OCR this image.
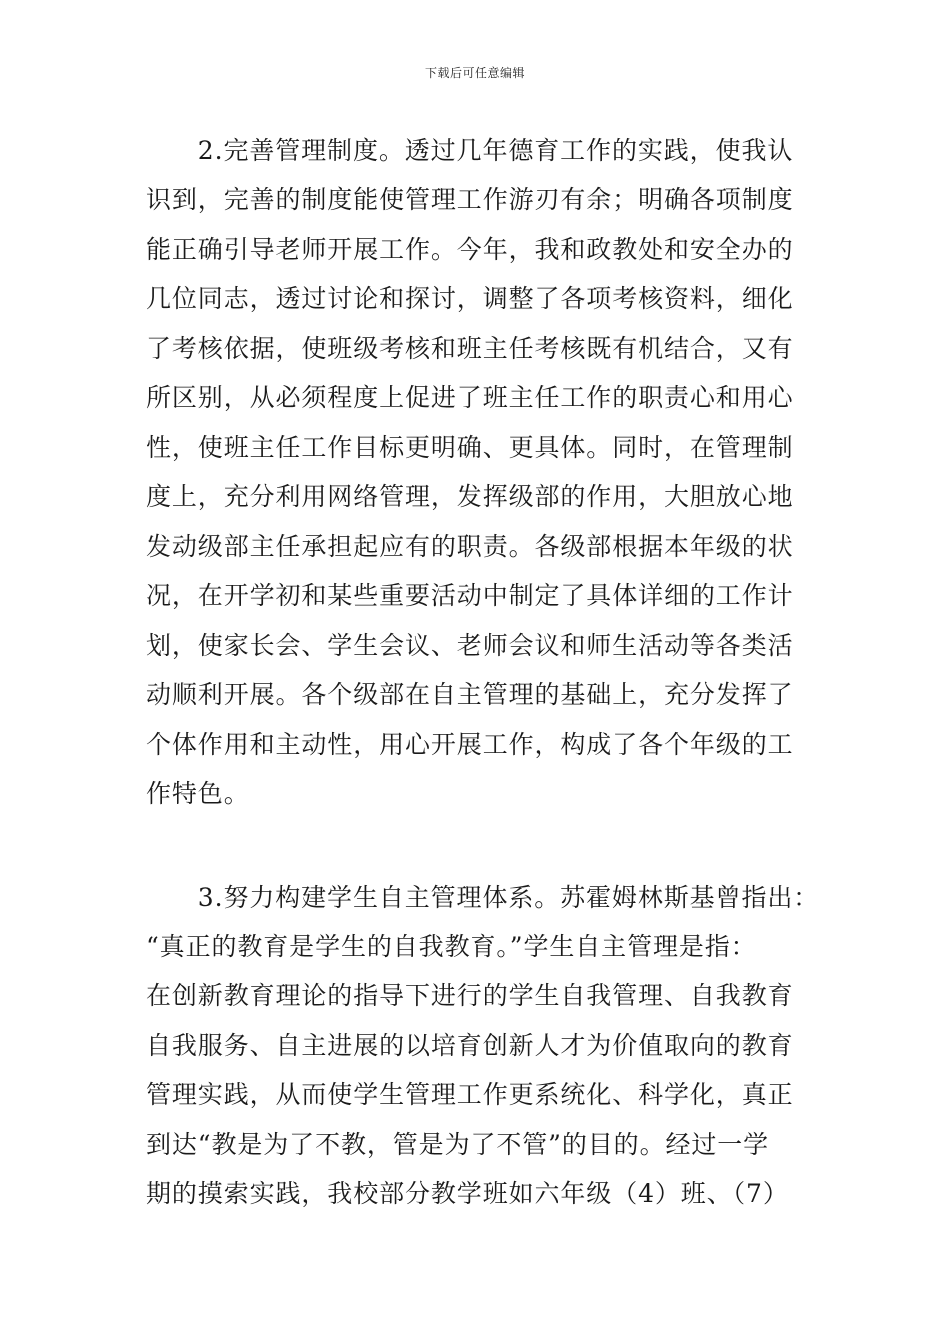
下载后可任意编辑
　　2.完善管理制度。透过几年德育工作的实践，使我认
识到，完善的制度能使管理工作游刃有余；明确各项制度
能正确引导老师开展工作。今年，我和政教处和安全办的
几位同志，透过讨论和探讨，调整了各项考核资料，细化
了考核依据，使班级考核和班主任考核既有机结合，又有
所区别，从必须程度上促进了班主任工作的职责心和用心
性，使班主任工作目标更明确、更具体。同时，在管理制
度上，充分利用网络管理，发挥级部的作用，大胆放心地
发动级部主任承担起应有的职责。各级部根据本年级的状
况，在开学初和某些重要活动中制定了具体详细的工作计
划，使家长会、学生会议、老师会议和师生活动等各类活
动顺利开展。各个级部在自主管理的基础上，充分发挥了
个体作用和主动性，用心开展工作，构成了各个年级的工
作特色。
　　3.努力构建学生自主管理体系。苏霍姆林斯基曾指出：
“真正的教育是学生的自我教育。”学生自主管理是指：
在创新教育理论的指导下进行的学生自我管理、自我教育
自我服务、自主进展的以培育创新人才为价值取向的教育
管理实践，从而使学生管理工作更系统化、科学化，真正
到达“教是为了不教，管是为了不管”的目的。经过一学
期的摸索实践，我校部分教学班如六年级（4）班、（7）
